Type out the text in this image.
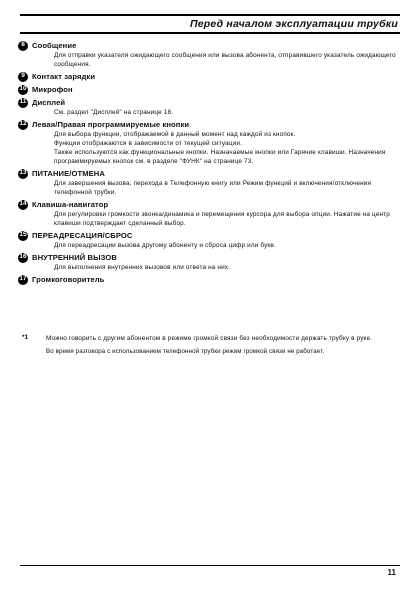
Перед началом эксплуатации трубки
8 Сообщение
Для отправки указателя ожидающего сообщения или вызова абонента, отправившего указатель ожидающего сообщения.
9 Контакт зарядки
10 Микрофон
11 Дисплей
См. раздел "Дисплей" на странице 18.
12 Левая/Правая программируемые кнопки
Для выбора функции, отображаемой в данный момент над каждой из кнопок.
Функции отображаются в зависимости от текущей ситуации.
Также используются как функциональные кнопки. Назначаемые кнопки или Гарячие клавиши. Назначения программируемых кнопок см. в разделе "ФУНК" на странице 73.
13 ПИТАНИЕ/ОТМЕНА
Для завершения вызова, перехода в Телефонную книгу или Режим функций и включения/отключения телефонной трубки.
14 Клавиша-навигатор
Для регулировки громкости звонка/динамика и перемещения курсора для выбора опции. Нажатие на центр клавиши подтверждает сделанный выбор.
15 ПЕРЕАДРЕСАЦИЯ/СБРОС
Для переадресации вызова другому абоненту и сброса цифр или букв.
16 ВНУТРЕННИЙ ВЫЗОВ
Для выполнения внутренних вызовов или ответа на них.
17 Громкоговоритель
*1	Можно говорить с другим абонентом в режиме громкой связи без необходимости держать трубку в руке.
Во время разговора с использованием телефонной трубки режим громкой связи не работает.
11
